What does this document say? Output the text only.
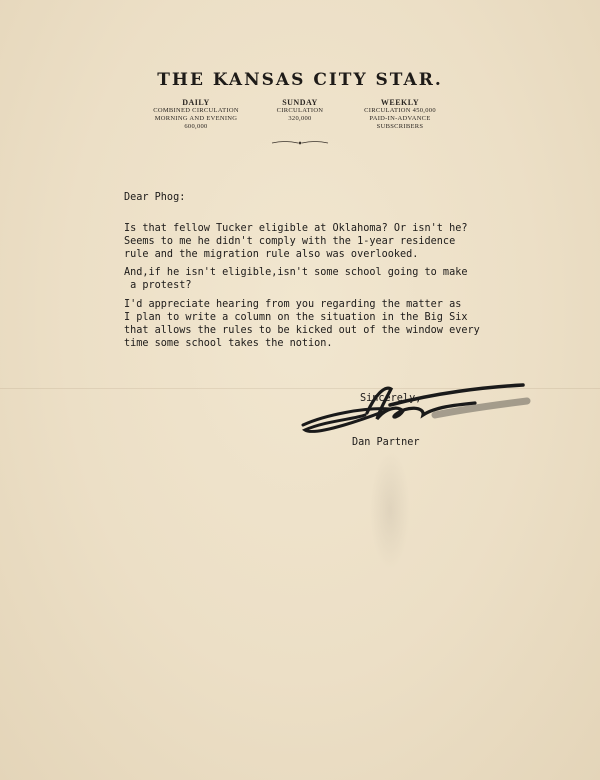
THE KANSAS CITY STAR.
DAILY
COMBINED CIRCULATION
MORNING AND EVENING
600,000
SUNDAY
CIRCULATION
320,000
WEEKLY
CIRCULATION 450,000
PAID-IN-ADVANCE
SUBSCRIBERS
Dear Phog:
Is that fellow Tucker eligible at Oklahoma? Or isn't he?
Seems to me he didn't comply with the 1-year residence
rule and the migration rule also was overlooked.
And,if he isn't eligible,isn't some school going to make
a protest?
I'd appreciate hearing from you regarding the matter as
I plan to write a column on the situation in the Big Six
that allows the rules to be kicked out of the window every
time some school takes the notion.
Sincerely,
Dan Partner
